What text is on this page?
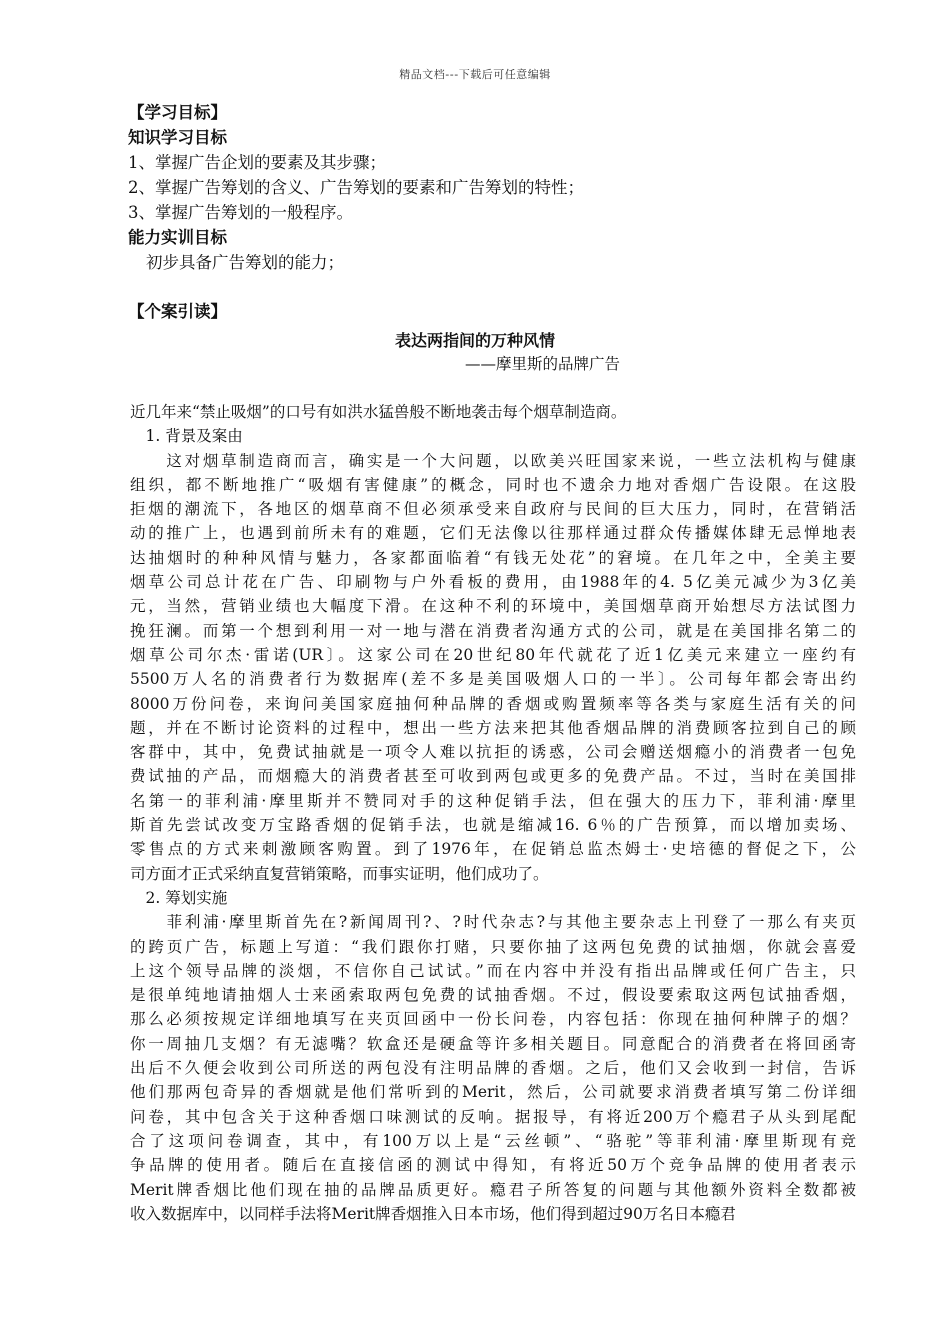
精品文档---下载后可任意编辑
【学习目标】
知识学习目标
1、掌握广告企划的要素及其步骤；
2、掌握广告筹划的含义、广告筹划的要素和广告筹划的特性；
3、掌握广告筹划的一般程序。
能力实训目标
初步具备广告筹划的能力；
【个案引读】
表达两指间的万种风情
——摩里斯的品牌广告
近几年来“禁止吸烟”的口号有如洪水猛兽般不断地袭击每个烟草制造商。
　1. 背景及案由
　　这对烟草制造商而言，确实是一个大问题，以欧美兴旺国家来说，一些立法机构与健康
组织，都不断地推广“吸烟有害健康”的概念，同时也不遗余力地对香烟广告设限。在这股
拒烟的潮流下，各地区的烟草商不但必须承受来自政府与民间的巨大压力，同时，在营销活
动的推广上，也遇到前所未有的难题，它们无法像以往那样通过群众传播媒体肆无忌惮地表
达抽烟时的种种风情与魅力，各家都面临着“有钱无处花”的窘境。在几年之中，全美主要
烟草公司总计花在广告、印刷物与户外看板的费用，由1988年的4. 5亿美元减少为3亿美
元，当然，营销业绩也大幅度下滑。在这种不利的环境中，美国烟草商开始想尽方法试图力
挽狂澜。而第一个想到利用一对一地与潜在消费者沟通方式的公司，就是在美国排名第二的
烟草公司尔杰·雷诺(UR〕。这家公司在20世纪80年代就花了近1亿美元来建立一座约有
5500万人名的消费者行为数据库(差不多是美国吸烟人口的一半〕。公司每年都会寄出约
8000万份问卷，来询问美国家庭抽何种品牌的香烟或购置频率等各类与家庭生活有关的问
题，并在不断讨论资料的过程中，想出一些方法来把其他香烟品牌的消费顾客拉到自己的顾
客群中，其中，免费试抽就是一项令人难以抗拒的诱惑，公司会赠送烟瘾小的消费者一包免
费试抽的产品，而烟瘾大的消费者甚至可收到两包或更多的免费产品。不过，当时在美国排
名第一的菲利浦·摩里斯并不赞同对手的这种促销手法，但在强大的压力下，菲利浦·摩里
斯首先尝试改变万宝路香烟的促销手法，也就是缩减16. 6％的广告预算，而以增加卖场、
零售点的方式来刺激顾客购置。到了1976年，在促销总监杰姆士·史培德的督促之下，公
司方面才正式采纳直复营销策略，而事实证明，他们成功了。
　2. 筹划实施
　　菲利浦·摩里斯首先在?新闻周刊?、?时代杂志?与其他主要杂志上刊登了一那么有夹页
的跨页广告，标题上写道：“我们跟你打赌，只要你抽了这两包免费的试抽烟，你就会喜爱
上这个领导品牌的淡烟，不信你自己试试。”而在内容中并没有指出品牌或任何广告主，只
是很单纯地请抽烟人士来函索取两包免费的试抽香烟。不过，假设要索取这两包试抽香烟，
那么必须按规定详细地填写在夹页回函中一份长问卷，内容包括：你现在抽何种牌子的烟？
你一周抽几支烟？有无滤嘴？软盒还是硬盒等许多相关题目。同意配合的消费者在将回函寄
出后不久便会收到公司所送的两包没有注明品牌的香烟。之后，他们又会收到一封信，告诉
他们那两包奇异的香烟就是他们常听到的Merit，然后，公司就要求消费者填写第二份详细
问卷，其中包含关于这种香烟口味测试的反响。据报导，有将近200万个瘾君子从头到尾配
合了这项问卷调查，其中，有100万以上是“云丝顿”、“骆驼”等菲利浦·摩里斯现有竞
争品牌的使用者。随后在直接信函的测试中得知，有将近50万个竞争品牌的使用者表示
Merit牌香烟比他们现在抽的品牌品质更好。瘾君子所答复的问题与其他额外资料全数都被
收入数据库中，以同样手法将Merit牌香烟推入日本市场，他们得到超过90万名日本瘾君
